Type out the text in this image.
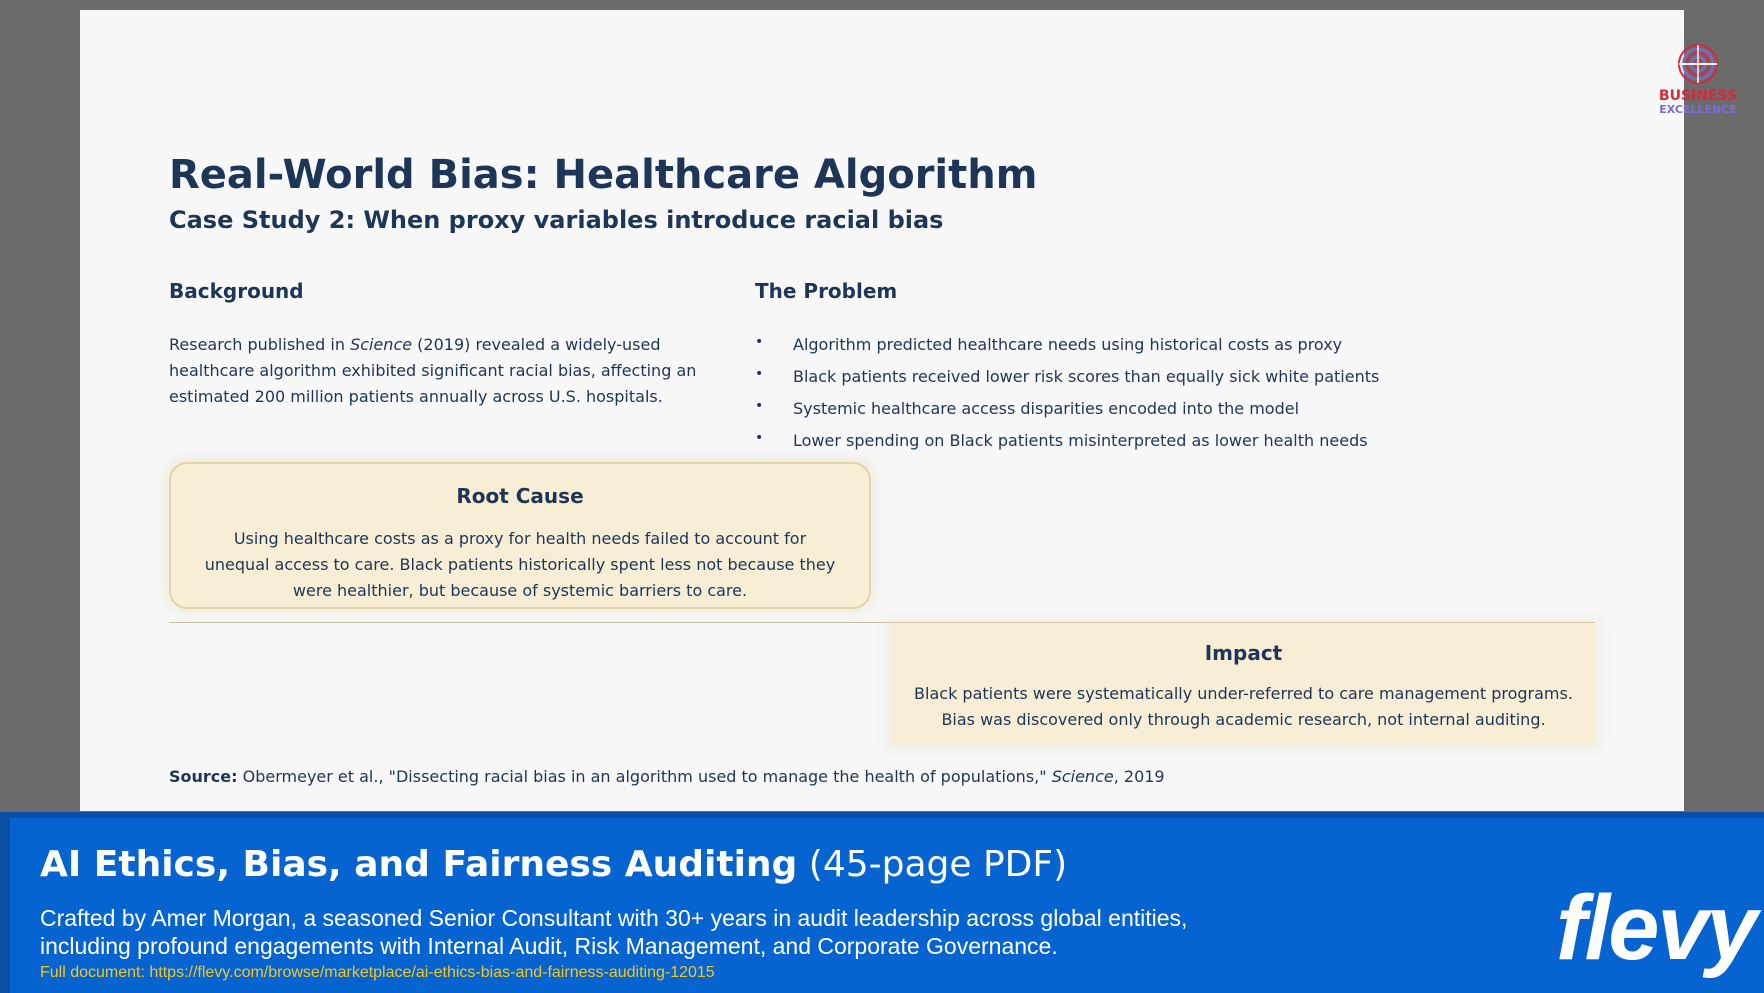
BUSINESS
EXCELLENCE
Real-World Bias: Healthcare Algorithm
Case Study 2: When proxy variables introduce racial bias
Background
Research published in Science (2019) revealed a widely-used healthcare algorithm exhibited significant racial bias, affecting an estimated 200 million patients annually across U.S. hospitals.
The Problem
• Algorithm predicted healthcare needs using historical costs as proxy
• Black patients received lower risk scores than equally sick white patients
• Systemic healthcare access disparities encoded into the model
• Lower spending on Black patients misinterpreted as lower health needs
Root Cause
Using healthcare costs as a proxy for health needs failed to account for unequal access to care. Black patients historically spent less not because they were healthier, but because of systemic barriers to care.
Impact
Black patients were systematically under-referred to care management programs. Bias was discovered only through academic research, not internal auditing.
Source: Obermeyer et al., "Dissecting racial bias in an algorithm used to manage the health of populations," Science, 2019
AI Ethics, Bias, and Fairness Auditing (45-page PDF)
Crafted by Amer Morgan, a seasoned Senior Consultant with 30+ years in audit leadership across global entities, including profound engagements with Internal Audit, Risk Management, and Corporate Governance.
Full document: https://flevy.com/browse/marketplace/ai-ethics-bias-and-fairness-auditing-12015	flevy
